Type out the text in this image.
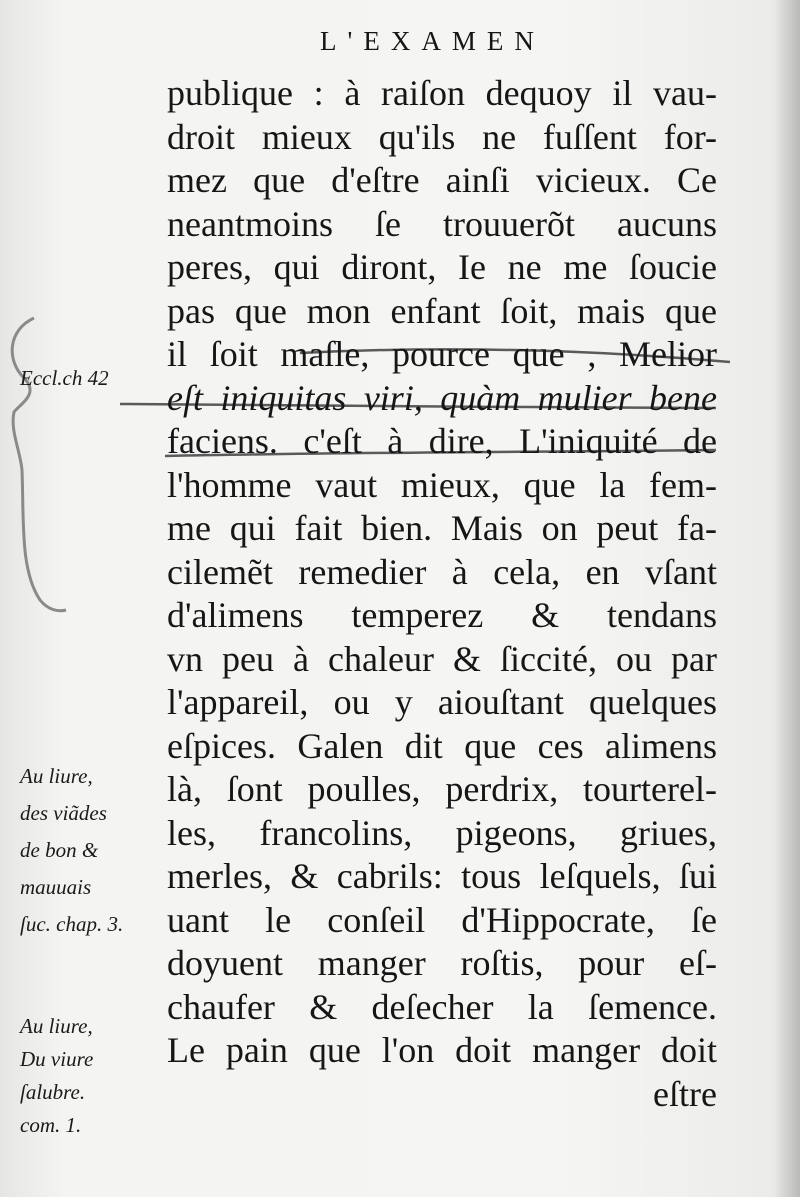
L'EXAMEN
publique : à raiſon dequoy il vau-
droit mieux qu'ils ne fuſſent for-
mez que d'eſtre ainſi vicieux. Ce
neantmoins ſe trouuerõt aucuns
peres, qui diront, Ie ne me ſoucie
pas que mon enfant ſoit, mais que
il ſoit maſle, pource que , Melior
eſt iniquitas viri, quàm mulier bene
faciens. c'eſt à dire, L'iniquité de
l'homme vaut mieux, que la fem-
me qui fait bien. Mais on peut fa-
cilemẽt remedier à cela, en vſant
d'alimens temperez & tendans
vn peu à chaleur & ſiccité, ou par
l'appareil, ou y aiouſtant quelques
eſpices. Galen dit que ces alimens
là, ſont poulles, perdrix, tourterel-
les, francolins, pigeons, griues,
merles, & cabrils: tous leſquels, ſui
uant le conſeil d'Hippocrate, ſe
doyuent manger roſtis, pour eſ-
chaufer & deſecher la ſemence.
Le pain que l'on doit manger doit
eſtre
Eccl.ch 42
Au liure,
des viãdes
de bon &
mauuais
ſuc. chap. 3.
Au liure,
Du viure
ſalubre.
com. 1.
